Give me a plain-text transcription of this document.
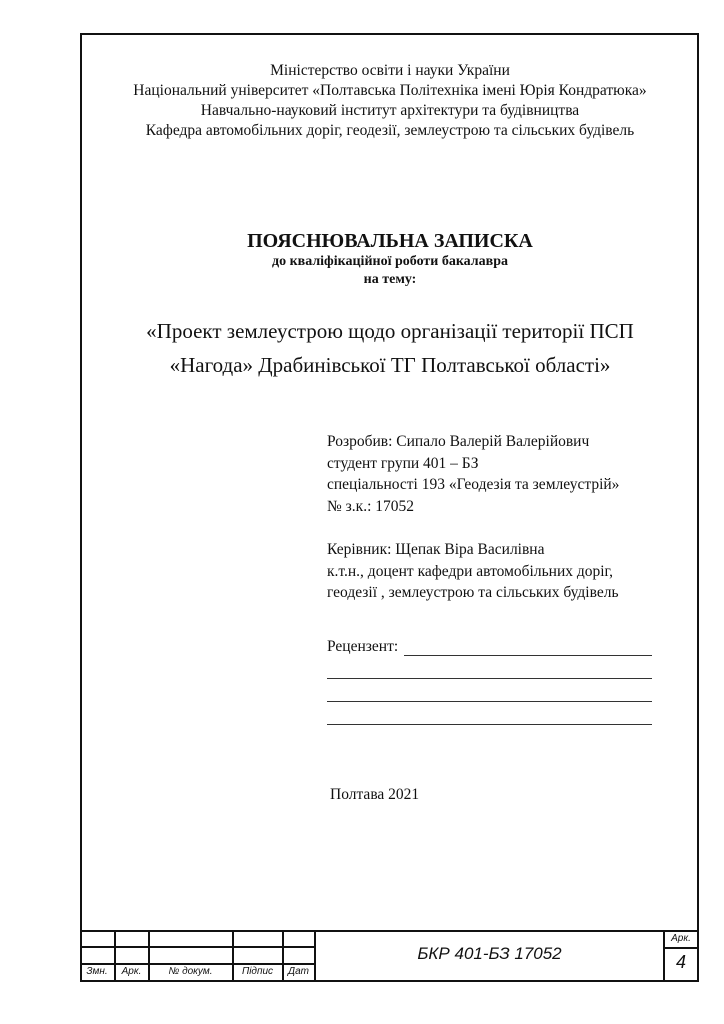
Міністерство освіти і науки України
Національний університет «Полтавська Політехніка імені Юрія Кондратюка»
Навчально-науковий інститут архітектури та будівництва
Кафедра автомобільних доріг, геодезії, землеустрою та сільських будівель
ПОЯСНЮВАЛЬНА ЗАПИСКА
до кваліфікаційної роботи бакалавра
на тему:
«Проект землеустрою щодо організації території ПСП
«Нагода» Драбинівської ТГ Полтавської області»
Розробив: Сипало Валерій Валерійович
студент групи 401 – БЗ
спеціальності 193 «Геодезія та землеустрій»
№ з.к.: 17052
Керівник: Щепак Віра Василівна
к.т.н., доцент кафедри автомобільних доріг,
геодезії , землеустрою та сільських будівель
Рецензент:
Полтава 2021
Змн.	Арк.	№ докум.	Підпис	Дат
БКР 401-БЗ 17052
Арк.
4
